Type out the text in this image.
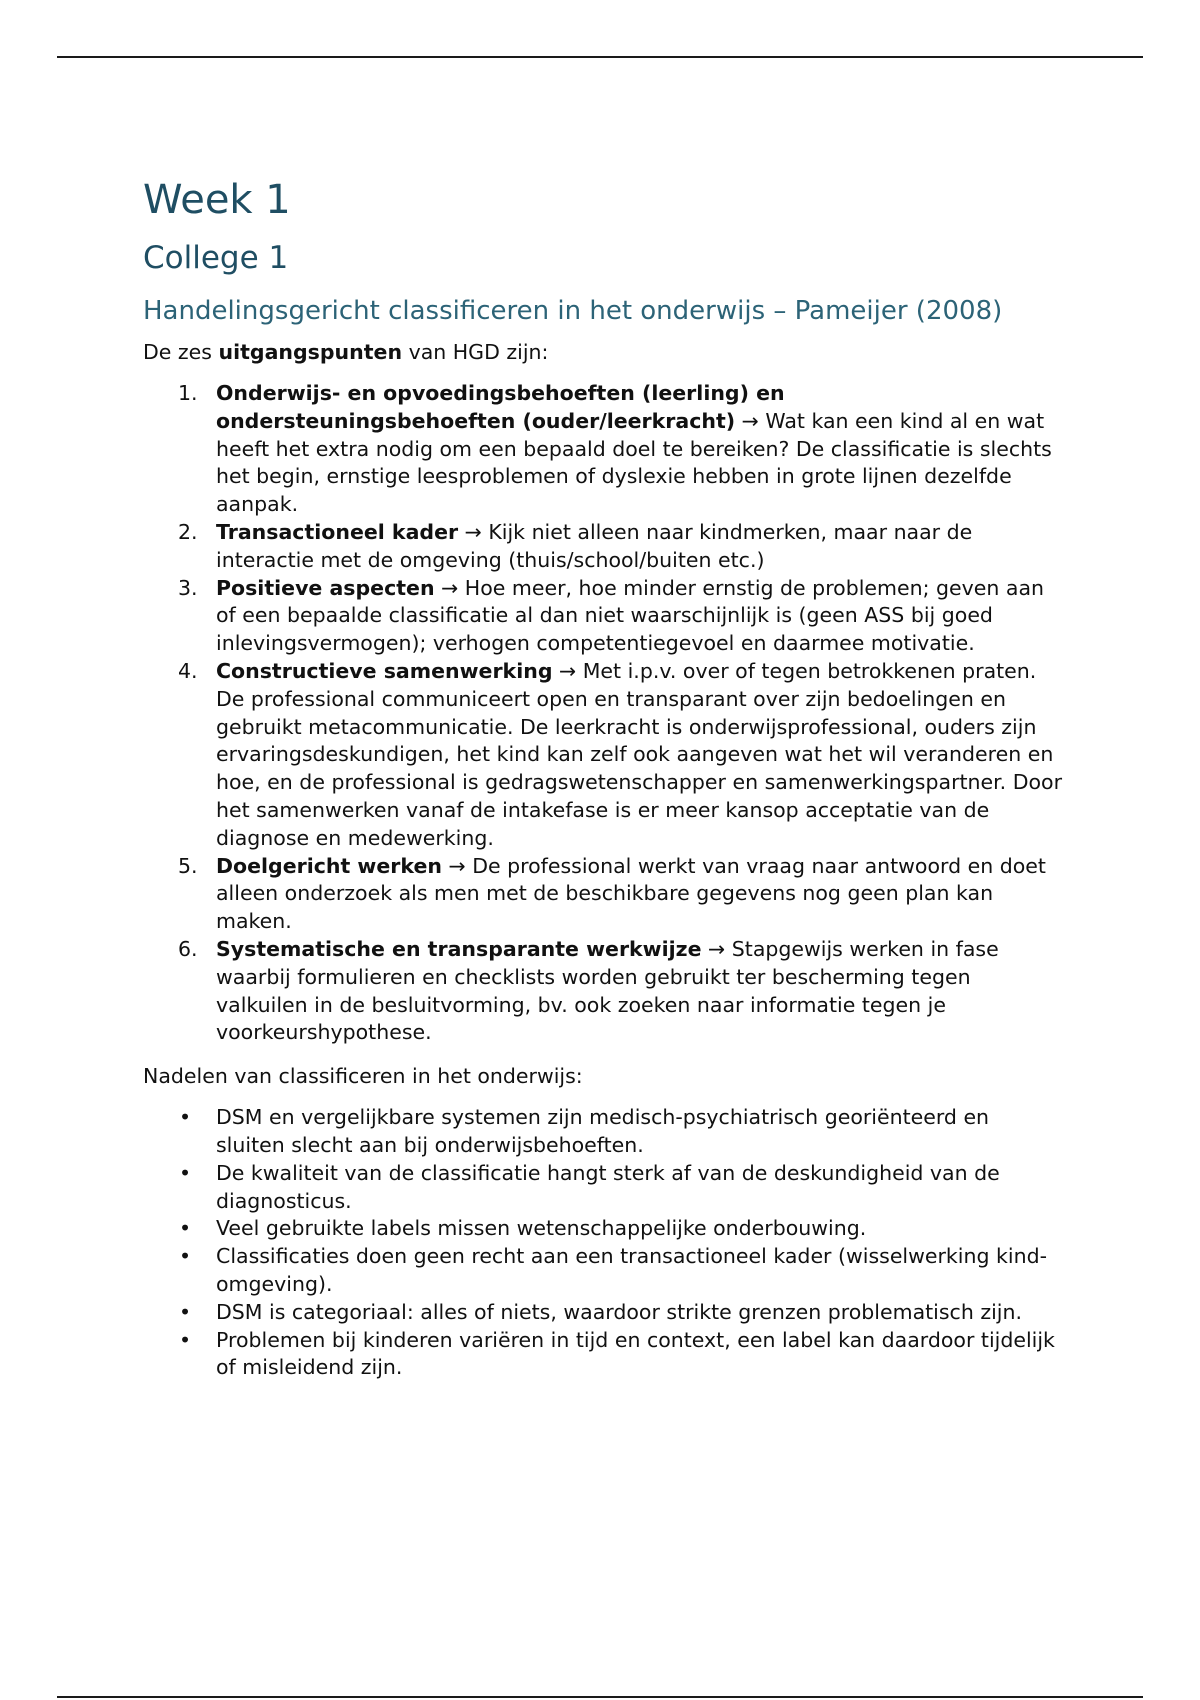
Week 1
College 1
Handelingsgericht classificeren in het onderwijs – Pameijer (2008)

De zes uitgangspunten van HGD zijn:

1. Onderwijs- en opvoedingsbehoeften (leerling) en ondersteuningsbehoeften (ouder/leerkracht) → Wat kan een kind al en wat heeft het extra nodig om een bepaald doel te bereiken? De classificatie is slechts het begin, ernstige leesproblemen of dyslexie hebben in grote lijnen dezelfde aanpak.
2. Transactioneel kader → Kijk niet alleen naar kindmerken, maar naar de interactie met de omgeving (thuis/school/buiten etc.)
3. Positieve aspecten → Hoe meer, hoe minder ernstig de problemen; geven aan of een bepaalde classificatie al dan niet waarschijnlijk is (geen ASS bij goed inlevingsvermogen); verhogen competentiegevoel en daarmee motivatie.
4. Constructieve samenwerking → Met i.p.v. over of tegen betrokkenen praten. De professional communiceert open en transparant over zijn bedoelingen en gebruikt metacommunicatie. De leerkracht is onderwijsprofessional, ouders zijn ervaringsdeskundigen, het kind kan zelf ook aangeven wat het wil veranderen en hoe, en de professional is gedragswetenschapper en samenwerkingspartner. Door het samenwerken vanaf de intakefase is er meer kansop acceptatie van de diagnose en medewerking.
5. Doelgericht werken → De professional werkt van vraag naar antwoord en doet alleen onderzoek als men met de beschikbare gegevens nog geen plan kan maken.
6. Systematische en transparante werkwijze → Stapgewijs werken in fase waarbij formulieren en checklists worden gebruikt ter bescherming tegen valkuilen in de besluitvorming, bv. ook zoeken naar informatie tegen je voorkeurshypothese.

Nadelen van classificeren in het onderwijs:

• DSM en vergelijkbare systemen zijn medisch-psychiatrisch georiënteerd en sluiten slecht aan bij onderwijsbehoeften.
• De kwaliteit van de classificatie hangt sterk af van de deskundigheid van de diagnosticus.
• Veel gebruikte labels missen wetenschappelijke onderbouwing.
• Classificaties doen geen recht aan een transactioneel kader (wisselwerking kind-omgeving).
• DSM is categoriaal: alles of niets, waardoor strikte grenzen problematisch zijn.
• Problemen bij kinderen variëren in tijd en context, een label kan daardoor tijdelijk of misleidend zijn.
